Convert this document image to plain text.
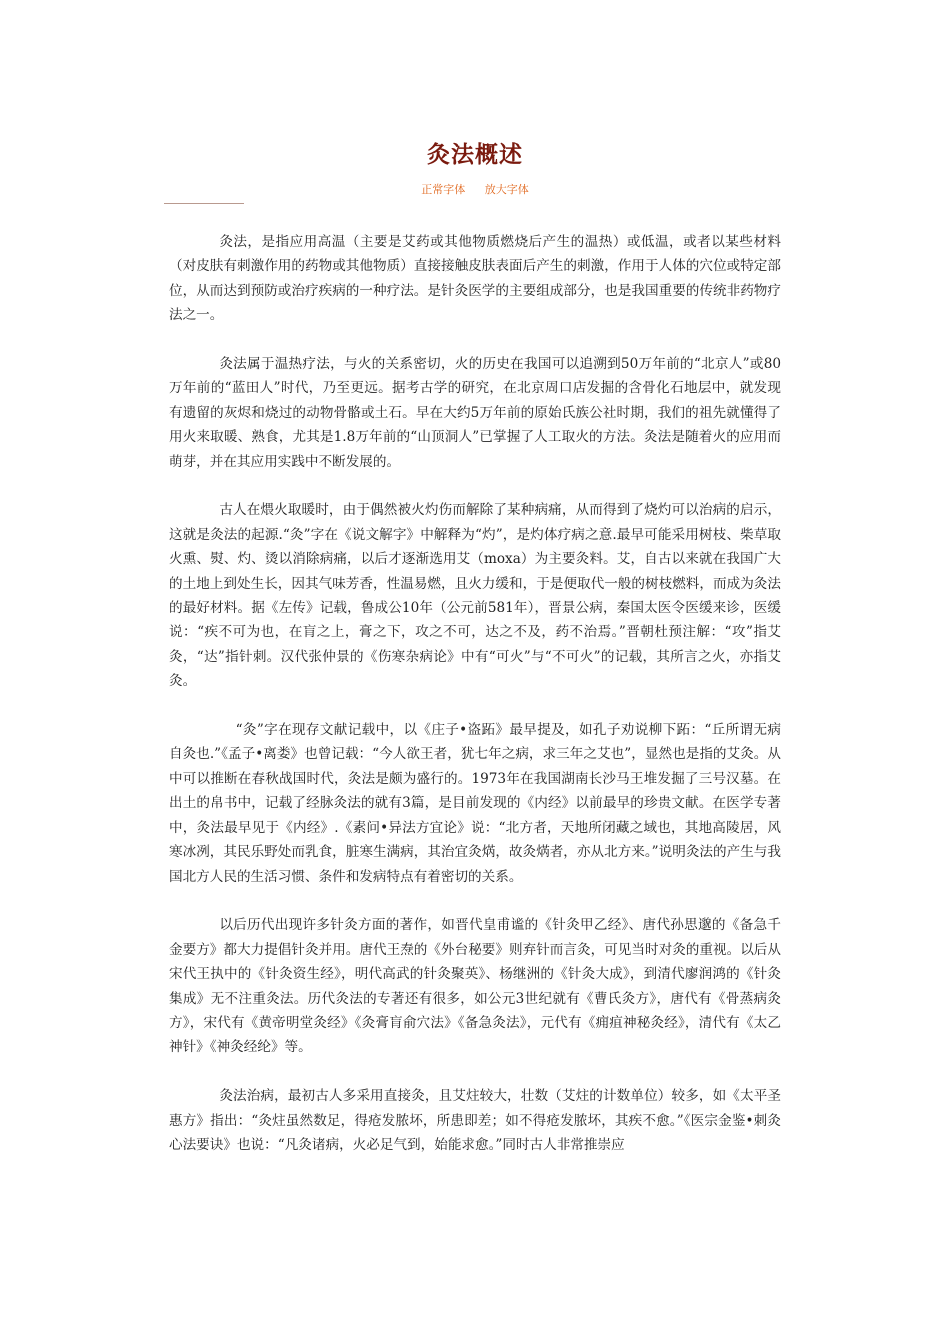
灸法概述
正常字体 放大字体

灸法，是指应用高温（主要是艾药或其他物质燃烧后产生的温热）或低温，或者以某些材料（对皮肤有刺激作用的药物或其他物质）直接接触皮肤表面后产生的刺激，作用于人体的穴位或特定部位，从而达到预防或治疗疾病的一种疗法。是针灸医学的主要组成部分，也是我国重要的传统非药物疗法之一。

灸法属于温热疗法，与火的关系密切，火的历史在我国可以追溯到50万年前的“北京人”或80万年前的“蓝田人”时代，乃至更远。据考古学的研究，在北京周口店发掘的含骨化石地层中，就发现有遗留的灰烬和烧过的动物骨骼或土石。早在大约5万年前的原始氏族公社时期，我们的祖先就懂得了用火来取暖、熟食，尤其是1.8万年前的“山顶洞人”已掌握了人工取火的方法。灸法是随着火的应用而萌芽，并在其应用实践中不断发展的。

古人在煨火取暖时，由于偶然被火灼伤而解除了某种病痛，从而得到了烧灼可以治病的启示，这就是灸法的起源.“灸”字在《说文解字》中解释为“灼”，是灼体疗病之意.最早可能采用树枝、柴草取火熏、熨、灼、烫以消除病痛，以后才逐渐选用艾（moxa）为主要灸料。艾，自古以来就在我国广大的土地上到处生长，因其气味芳香，性温易燃，且火力缓和，于是便取代一般的树枝燃料，而成为灸法的最好材料。据《左传》记载，鲁成公10年（公元前581年），晋景公病，秦国太医令医缓来诊，医缓说：“疾不可为也，在肓之上，膏之下，攻之不可，达之不及，药不治焉。”晋朝杜预注解：“攻”指艾灸，“达”指针刺。汉代张仲景的《伤寒杂病论》中有“可火”与“不可火”的记载，其所言之火，亦指艾灸。

“灸”字在现存文献记载中，以《庄子•盗跖》最早提及，如孔子劝说柳下跖：“丘所谓无病自灸也.”《孟子•离娄》也曾记载：“今人欲王者，犹七年之病，求三年之艾也”，显然也是指的艾灸。从中可以推断在春秋战国时代，灸法是颇为盛行的。1973年在我国湖南长沙马王堆发掘了三号汉墓。在出土的帛书中，记载了经脉灸法的就有3篇，是目前发现的《内经》以前最早的珍贵文献。在医学专著中，灸法最早见于《内经》.《素问•异法方宜论》说：“北方者，天地所闭藏之域也，其地高陵居，风寒冰冽，其民乐野处而乳食，脏寒生满病，其治宜灸焫，故灸焫者，亦从北方来。”说明灸法的产生与我国北方人民的生活习惯、条件和发病特点有着密切的关系。

以后历代出现许多针灸方面的著作，如晋代皇甫谧的《针灸甲乙经》、唐代孙思邈的《备急千金要方》都大力提倡针灸并用。唐代王焘的《外台秘要》则弃针而言灸，可见当时对灸的重视。以后从宋代王执中的《针灸资生经》，明代高武的针灸聚英》、杨继洲的《针灸大成》，到清代廖润鸿的《针灸集成》无不注重灸法。历代灸法的专著还有很多，如公元3世纪就有《曹氏灸方》，唐代有《骨蒸病灸方》，宋代有《黄帝明堂灸经》《灸膏肓俞穴法》《备急灸法》，元代有《痈疽神秘灸经》，清代有《太乙神针》《神灸经纶》等。

灸法治病，最初古人多采用直接灸，且艾炷较大，壮数（艾炷的计数单位）较多，如《太平圣惠方》指出：“灸炷虽然数足，得疮发脓坏，所患即差；如不得疮发脓坏，其疾不愈。”《医宗金鉴•刺灸心法要诀》也说：“凡灸诸病，火必足气到，始能求愈。”同时古人非常推崇应
